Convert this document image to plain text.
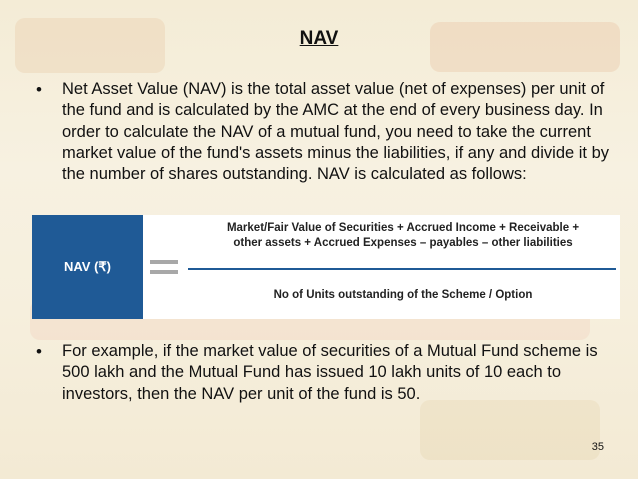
NAV
• Net Asset Value (NAV) is the total asset value (net of expenses) per unit of the fund and is calculated by the AMC at the end of every business day. In order to calculate the NAV of a mutual fund, you need to take the current market value of the fund's assets minus the liabilities, if any and divide it by the number of shares outstanding. NAV is calculated as follows:
NAV (₹)
Market/Fair Value of Securities + Accrued Income + Receivable +
other assets + Accrued Expenses – payables – other liabilities
No of Units outstanding of the Scheme / Option
• For example, if the market value of securities of a Mutual Fund scheme is 500 lakh and the Mutual Fund has issued 10 lakh units of 10 each to investors, then the NAV per unit of the fund is 50.
35
